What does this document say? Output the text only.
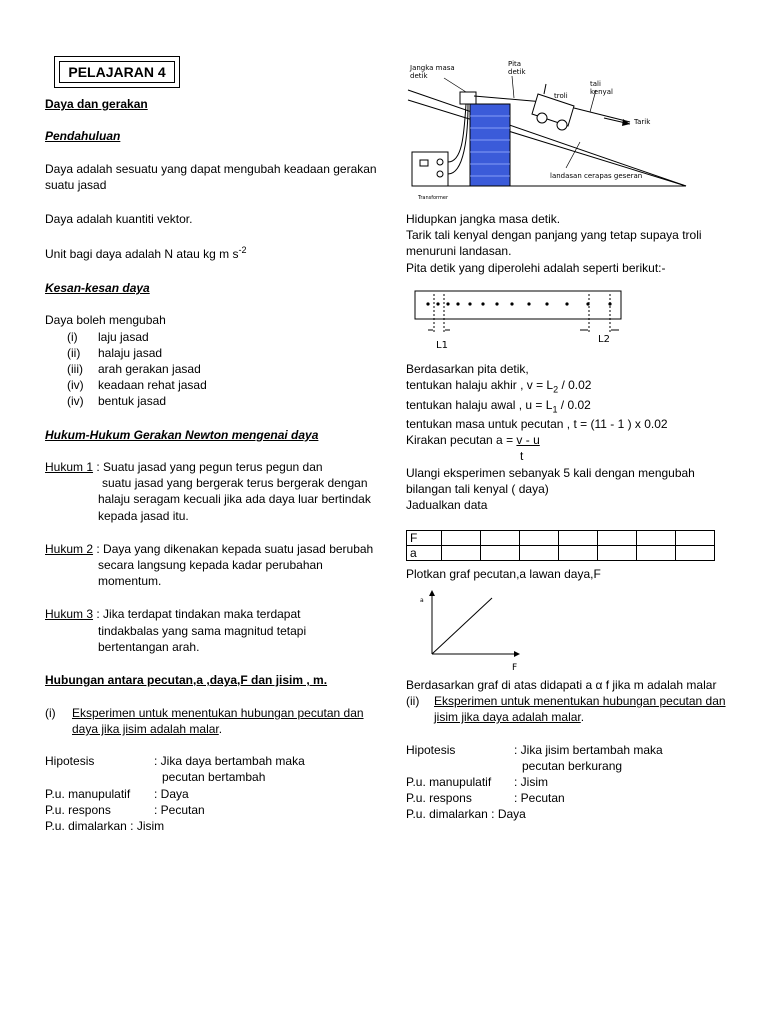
PELAJARAN 4
Daya dan gerakan
Pendahuluan
Daya adalah sesuatu yang dapat mengubah keadaan gerakan
suatu jasad
Daya adalah kuantiti vektor.
Unit bagi daya adalah N atau kg m $s^{-2}$
Kesan-kesan daya
Daya boleh mengubah
(i) laju jasad
(ii) halaju jasad
(iii) arah gerakan jasad
(iv) keadaan rehat jasad
(iv) bentuk jasad
Hukum-Hukum Gerakan Newton mengenai daya
Hukum 1 : Suatu jasad yang pegun terus pegun dan
suatu jasad yang bergerak terus bergerak dengan
halaju seragam kecuali jika ada daya luar bertindak
kepada jasad itu.
Hukum 2 : Daya yang dikenakan kepada suatu jasad berubah
secara langsung kepada kadar perubahan
momentum.
Hukum 3 : Jika terdapat tindakan maka terdapat
tindakbalas yang sama magnitud tetapi
bertentangan arah.
Hubungan antara pecutan,a ,daya,F dan jisim , m.
(i) Eksperimen untuk menentukan hubungan pecutan dan
daya jika jisim adalah malar.
Hipotesis	: Jika daya bertambah maka
pecutan bertambah
P.u. manupulatif : Daya
P.u. respons	: Pecutan
P.u. dimalarkan : Jisim
Jangka masa detik
Pita detik
troli
tali kenyal
Tarik
landasan cerapas geseran
Transformer
Hidupkan jangka masa detik.
Tarik tali kenyal dengan panjang yang tetap supaya troli
menuruni landasan.
Pita detik yang diperolehi adalah seperti berikut:-
L1
L2
Berdasarkan pita detik,
tentukan halaju akhir , $v = L_2 / 0.02$
tentukan halaju awal , $u = L_1 / 0.02$
tentukan masa untuk pecutan , t = (11 - 1 ) x 0.02
Kirakan pecutan a = v - u
t
Ulangi eksperimen sebanyak 5 kali dengan mengubah
bilangan tali kenyal ( daya)
Jadualkan data
F							
a							
Plotkan graf pecutan,a lawan daya,F
a
F
Berdasarkan graf di atas didapati a α f jika m adalah malar
(ii) Eksperimen untuk menentukan hubungan pecutan dan
jisim jika daya adalah malar.
Hipotesis	: Jika jisim bertambah maka
pecutan berkurang
P.u. manupulatif : Jisim
P.u. respons	: Pecutan
P.u. dimalarkan : Daya
